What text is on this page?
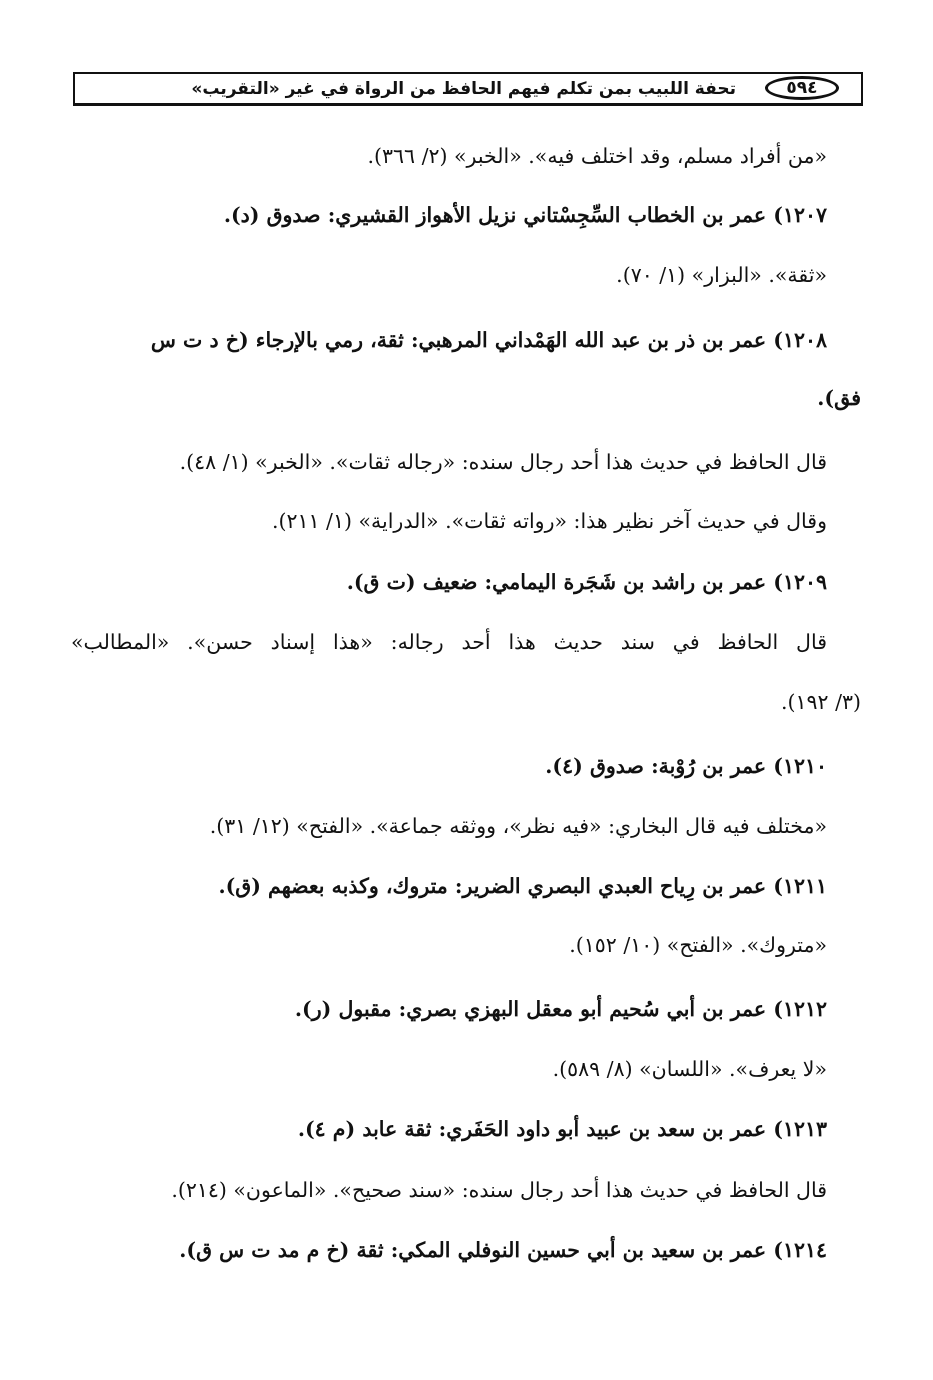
٥٩٤
تحفة اللبيب بمن تكلم فيهم الحافظ من الرواة في غير «التقريب»
«من أفراد مسلم، وقد اختلف فيه». «الخبر» (٢/ ٣٦٦).
١٢٠٧) عمر بن الخطاب السِّجِسْتاني نزيل الأهواز القشيري: صدوق (د).
«ثقة». «البزار» (١/ ٧٠).
١٢٠٨) عمر بن ذر بن عبد الله الهَمْداني المرهبي: ثقة، رمي بالإرجاء (خ د ت س
فق).
قال الحافظ في حديث هذا أحد رجال سنده: «رجاله ثقات». «الخبر» (١/ ٤٨).
وقال في حديث آخر نظير هذا: «رواته ثقات». «الدراية» (١/ ٢١١).
١٢٠٩) عمر بن راشد بن شَجَرة اليمامي: ضعيف (ت ق).
قال الحافظ في سند حديث هذا أحد رجاله: «هذا إسناد حسن». «المطالب»
(٣/ ١٩٢).
١٢١٠) عمر بن رُوْبة: صدوق (٤).
«مختلف فيه قال البخاري: «فيه نظر»، ووثقه جماعة». «الفتح» (١٢/ ٣١).
١٢١١) عمر بن رِياح العبدي البصري الضرير: متروك، وكذبه بعضهم (ق).
«متروك». «الفتح» (١٠/ ١٥٢).
١٢١٢) عمر بن أبي سُحيم أبو معقل البهزي بصري: مقبول (ر).
«لا يعرف». «اللسان» (٨/ ٥٨٩).
١٢١٣) عمر بن سعد بن عبيد أبو داود الحَفَري: ثقة عابد (م ٤).
قال الحافظ في حديث هذا أحد رجال سنده: «سند صحيح». «الماعون» (٢١٤).
١٢١٤) عمر بن سعيد بن أبي حسين النوفلي المكي: ثقة (خ م مد ت س ق).
